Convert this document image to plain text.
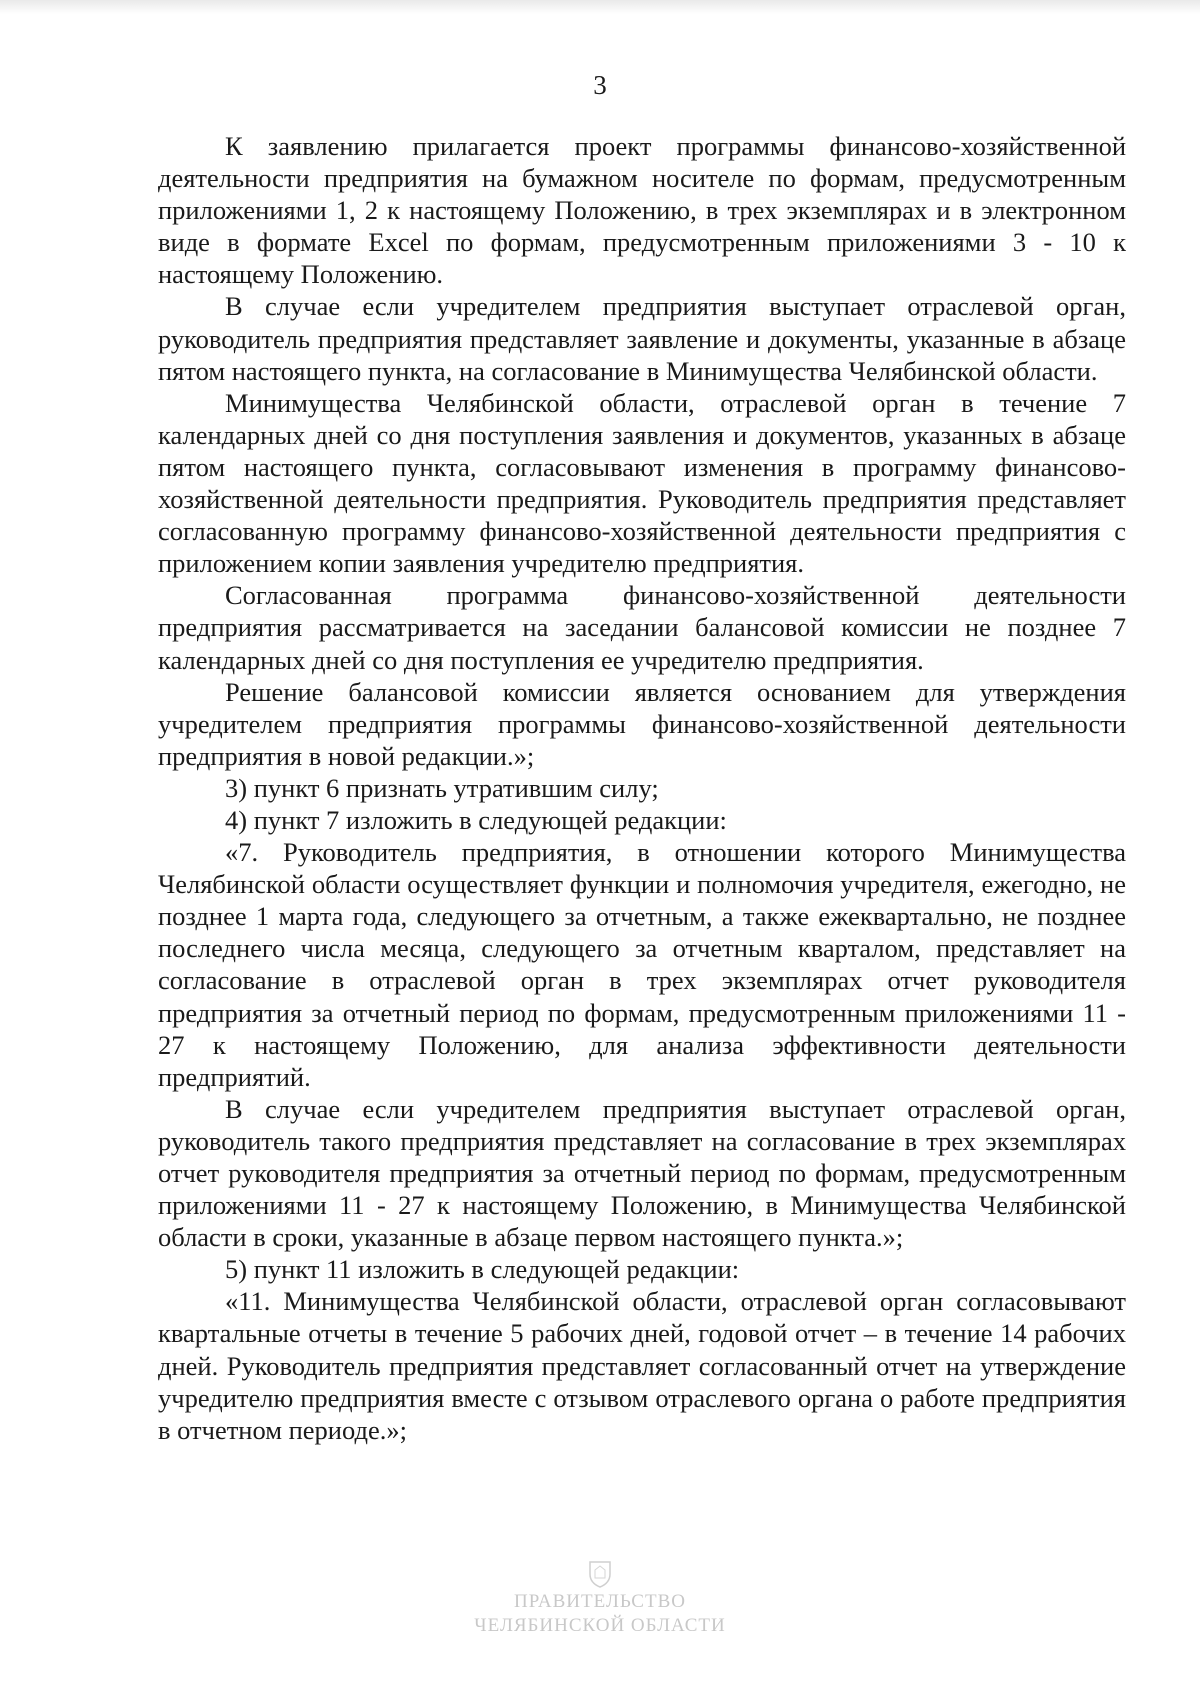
3

К заявлению прилагается проект программы финансово-хозяйственной деятельности предприятия на бумажном носителе по формам, предусмотренным приложениями 1, 2 к настоящему Положению, в трех экземплярах и в электронном виде в формате Excel по формам, предусмотренным приложениями 3 - 10 к настоящему Положению.

В случае если учредителем предприятия выступает отраслевой орган, руководитель предприятия представляет заявление и документы, указанные в абзаце пятом настоящего пункта, на согласование в Минимущества Челябинской области.

Минимущества Челябинской области, отраслевой орган в течение 7 календарных дней со дня поступления заявления и документов, указанных в абзаце пятом настоящего пункта, согласовывают изменения в программу финансово-хозяйственной деятельности предприятия. Руководитель предприятия представляет согласованную программу финансово-хозяйственной деятельности предприятия с приложением копии заявления учредителю предприятия.

Согласованная программа финансово-хозяйственной деятельности предприятия рассматривается на заседании балансовой комиссии не позднее 7 календарных дней со дня поступления ее учредителю предприятия.

Решение балансовой комиссии является основанием для утверждения учредителем предприятия программы финансово-хозяйственной деятельности предприятия в новой редакции.»;

3) пункт 6 признать утратившим силу;

4) пункт 7 изложить в следующей редакции:

«7. Руководитель предприятия, в отношении которого Минимущества Челябинской области осуществляет функции и полномочия учредителя, ежегодно, не позднее 1 марта года, следующего за отчетным, а также ежеквартально, не позднее последнего числа месяца, следующего за отчетным кварталом, представляет на согласование в отраслевой орган в трех экземплярах отчет руководителя предприятия за отчетный период по формам, предусмотренным приложениями 11 - 27 к настоящему Положению, для анализа эффективности деятельности предприятий.

В случае если учредителем предприятия выступает отраслевой орган, руководитель такого предприятия представляет на согласование в трех экземплярах отчет руководителя предприятия за отчетный период по формам, предусмотренным приложениями 11 - 27 к настоящему Положению, в Минимущества Челябинской области в сроки, указанные в абзаце первом настоящего пункта.»;

5) пункт 11 изложить в следующей редакции:

«11. Минимущества Челябинской области, отраслевой орган согласовывают квартальные отчеты в течение 5 рабочих дней, годовой отчет – в течение 14 рабочих дней. Руководитель предприятия представляет согласованный отчет на утверждение учредителю предприятия вместе с отзывом отраслевого органа о работе предприятия в отчетном периоде.»;

ПРАВИТЕЛЬСТВО
ЧЕЛЯБИНСКОЙ ОБЛАСТИ
